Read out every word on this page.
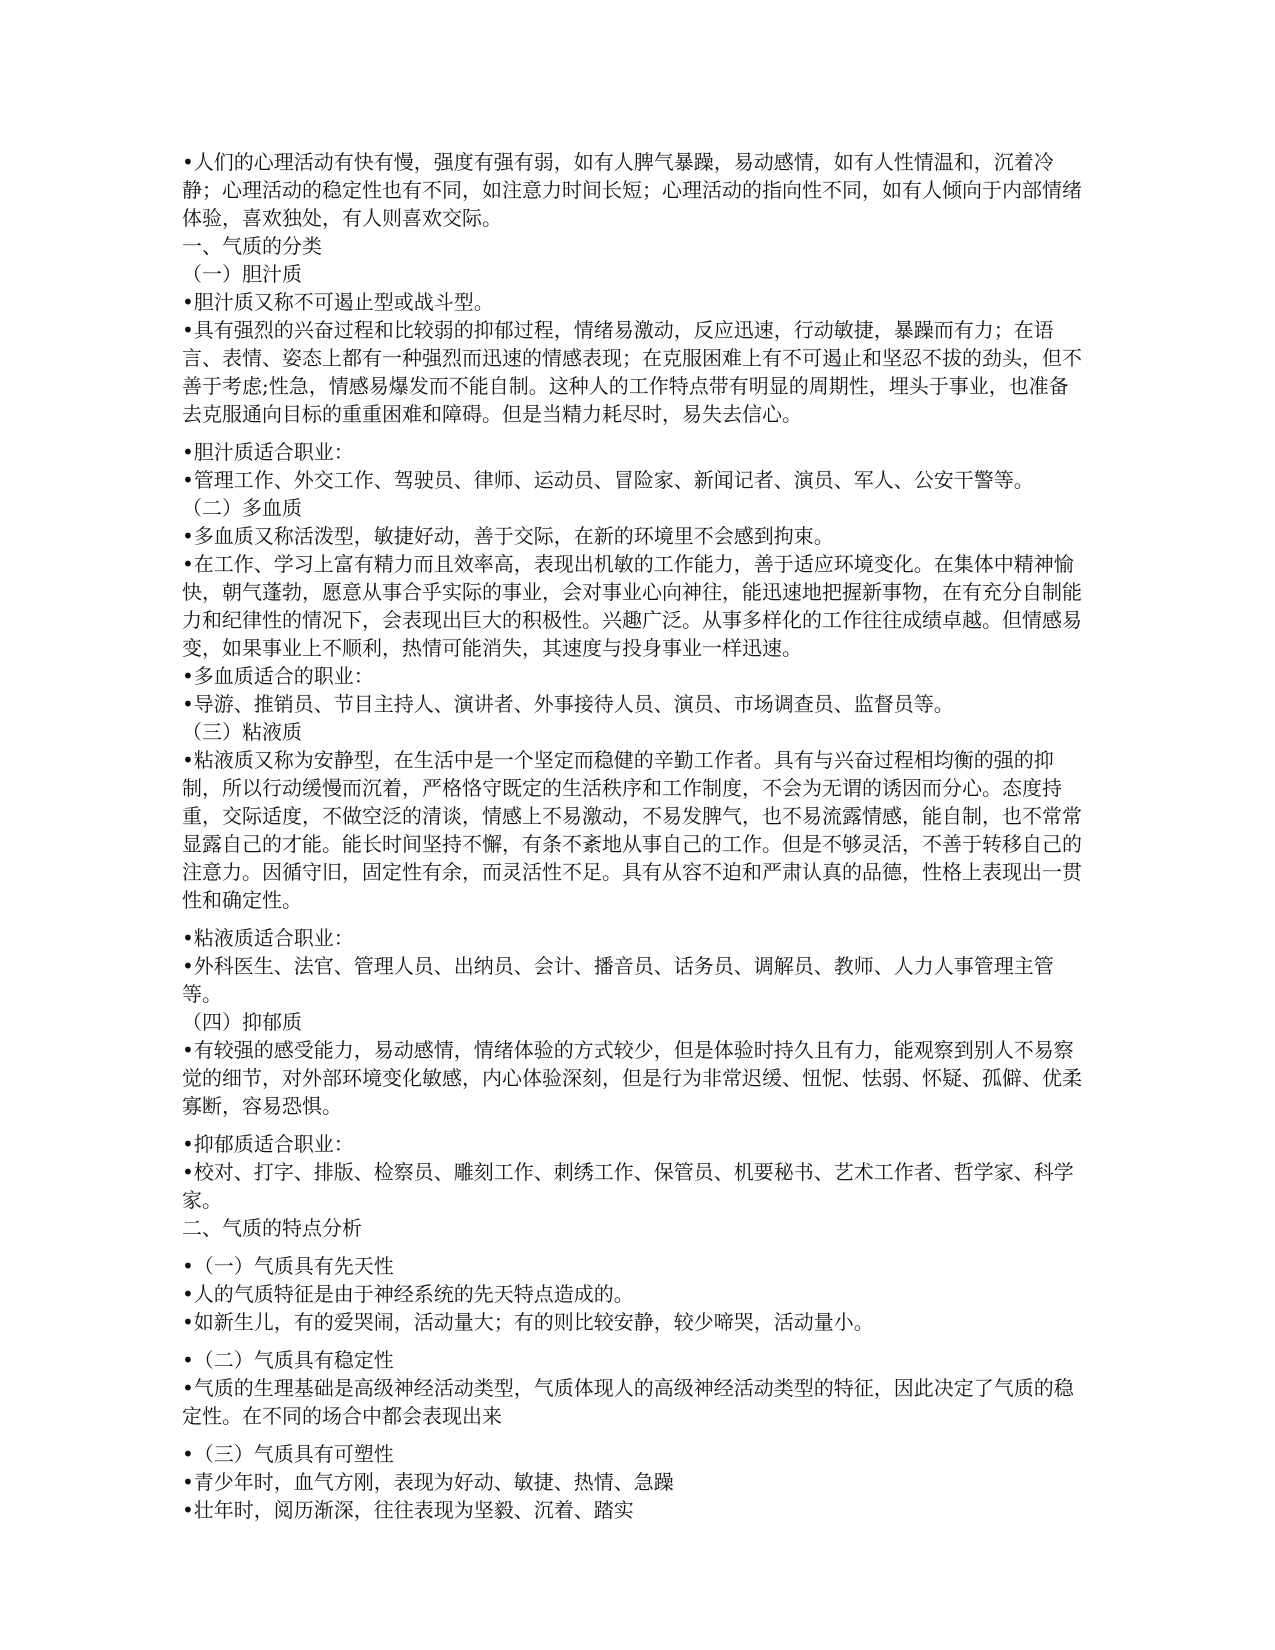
• 人们的心理活动有快有慢，强度有强有弱，如有人脾气暴躁，易动感情，如有人性情温和，沉着冷静；心理活动的稳定性也有不同，如注意力时间长短；心理活动的指向性不同，如有人倾向于内部情绪体验，喜欢独处，有人则喜欢交际。

一、气质的分类

（一）胆汁质

• 胆汁质又称不可遏止型或战斗型。

• 具有强烈的兴奋过程和比较弱的抑郁过程，情绪易激动，反应迅速，行动敏捷，暴躁而有力；在语言、表情、姿态上都有一种强烈而迅速的情感表现；在克服困难上有不可遏止和坚忍不拔的劲头，但不善于考虑;性急，情感易爆发而不能自制。这种人的工作特点带有明显的周期性，埋头于事业，也准备去克服通向目标的重重困难和障碍。但是当精力耗尽时，易失去信心。

• 胆汁质适合职业：

• 管理工作、外交工作、驾驶员、律师、运动员、冒险家、新闻记者、演员、军人、公安干警等。

（二）多血质

• 多血质又称活泼型，敏捷好动，善于交际，在新的环境里不会感到拘束。

• 在工作、学习上富有精力而且效率高，表现出机敏的工作能力，善于适应环境变化。在集体中精神愉快，朝气蓬勃，愿意从事合乎实际的事业，会对事业心向神往，能迅速地把握新事物，在有充分自制能力和纪律性的情况下，会表现出巨大的积极性。兴趣广泛。从事多样化的工作往往成绩卓越。但情感易变，如果事业上不顺利，热情可能消失，其速度与投身事业一样迅速。

• 多血质适合的职业：

• 导游、推销员、节目主持人、演讲者、外事接待人员、演员、市场调查员、监督员等。

（三）粘液质

• 粘液质又称为安静型，在生活中是一个坚定而稳健的辛勤工作者。具有与兴奋过程相均衡的强的抑制，所以行动缓慢而沉着，严格恪守既定的生活秩序和工作制度，不会为无谓的诱因而分心。态度持重，交际适度，不做空泛的清谈，情感上不易激动，不易发脾气，也不易流露情感，能自制，也不常常显露自己的才能。能长时间坚持不懈，有条不紊地从事自己的工作。但是不够灵活，不善于转移自己的注意力。因循守旧，固定性有余，而灵活性不足。具有从容不迫和严肃认真的品德，性格上表现出一贯性和确定性。

• 粘液质适合职业：

• 外科医生、法官、管理人员、出纳员、会计、播音员、话务员、调解员、教师、人力人事管理主管等。

（四）抑郁质

• 有较强的感受能力，易动感情，情绪体验的方式较少，但是体验时持久且有力，能观察到别人不易察觉的细节，对外部环境变化敏感，内心体验深刻，但是行为非常迟缓、忸怩、怯弱、怀疑、孤僻、优柔寡断，容易恐惧。

• 抑郁质适合职业：

• 校对、打字、排版、检察员、雕刻工作、刺绣工作、保管员、机要秘书、艺术工作者、哲学家、科学家。

二、气质的特点分析

• （一）气质具有先天性

• 人的气质特征是由于神经系统的先天特点造成的。

• 如新生儿，有的爱哭闹，活动量大；有的则比较安静，较少啼哭，活动量小。

• （二）气质具有稳定性

• 气质的生理基础是高级神经活动类型，气质体现人的高级神经活动类型的特征，因此决定了气质的稳定性。在不同的场合中都会表现出来

• （三）气质具有可塑性

• 青少年时，血气方刚，表现为好动、敏捷、热情、急躁

• 壮年时，阅历渐深，往往表现为坚毅、沉着、踏实
